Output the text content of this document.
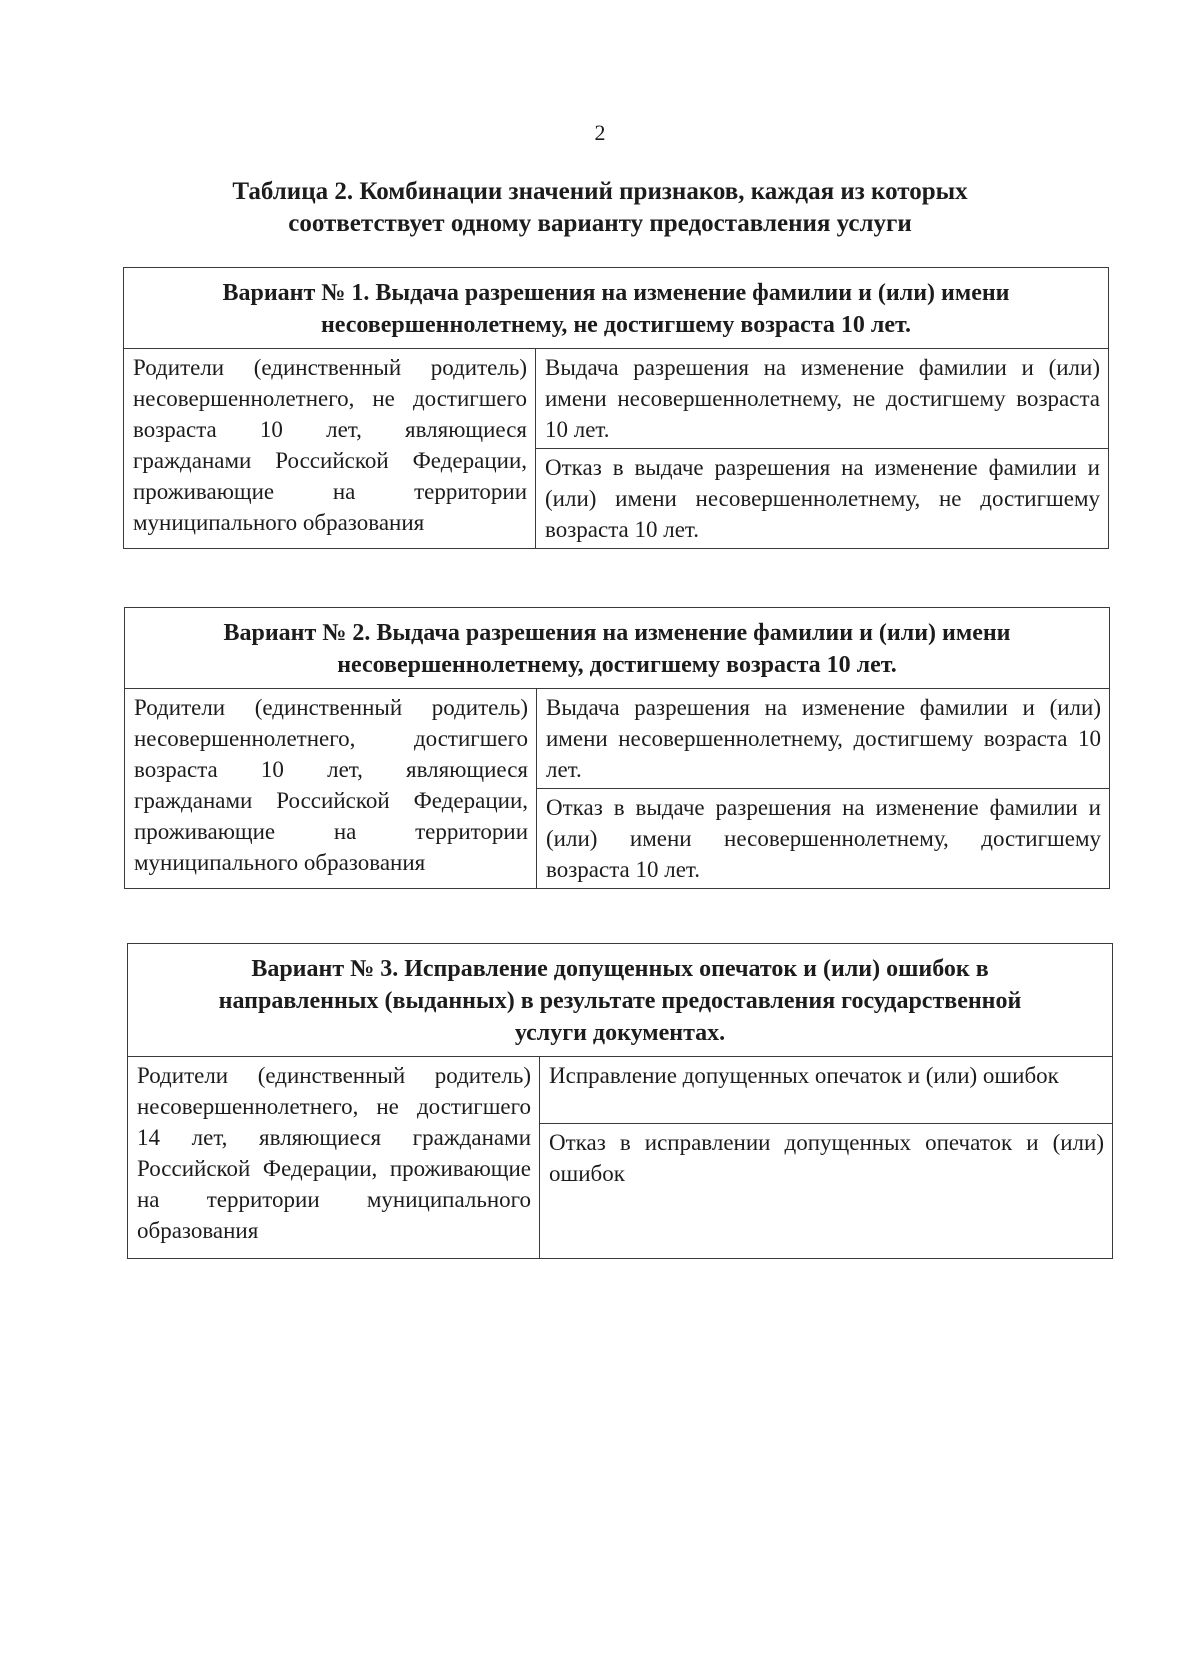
2
Таблица 2. Комбинации значений признаков, каждая из которых
соответствует одному варианту предоставления услуги
Вариант № 1. Выдача разрешения на изменение фамилии и (или) имени
несовершеннолетнему, не достигшему возраста 10 лет.

Родители (единственный родитель) несовершеннолетнего, не достигшего возраста 10 лет, являющиеся гражданами Российской Федерации, проживающие на территории муниципального образования	Выдача разрешения на изменение фамилии и (или) имени несовершеннолетнему, не достигшему возраста 10 лет.
Отказ в выдаче разрешения на изменение фамилии и (или) имени несовершеннолетнему, не достигшему возраста 10 лет.
Вариант № 2. Выдача разрешения на изменение фамилии и (или) имени
несовершеннолетнему, достигшему возраста 10 лет.

Родители (единственный родитель) несовершеннолетнего, достигшего возраста 10 лет, являющиеся гражданами Российской Федерации, проживающие на территории муниципального образования	Выдача разрешения на изменение фамилии и (или) имени несовершеннолетнему, достигшему возраста 10 лет.
Отказ в выдаче разрешения на изменение фамилии и (или) имени несовершеннолетнему, достигшему возраста 10 лет.
Вариант № 3. Исправление допущенных опечаток и (или) ошибок в
направленных (выданных) в результате предоставления государственной
услуги документах.

Родители (единственный родитель) несовершеннолетнего, не достигшего 14 лет, являющиеся гражданами Российской Федерации, проживающие на территории муниципального образования	Исправление допущенных опечаток и (или) ошибок
Отказ в исправлении допущенных опечаток и (или) ошибок
